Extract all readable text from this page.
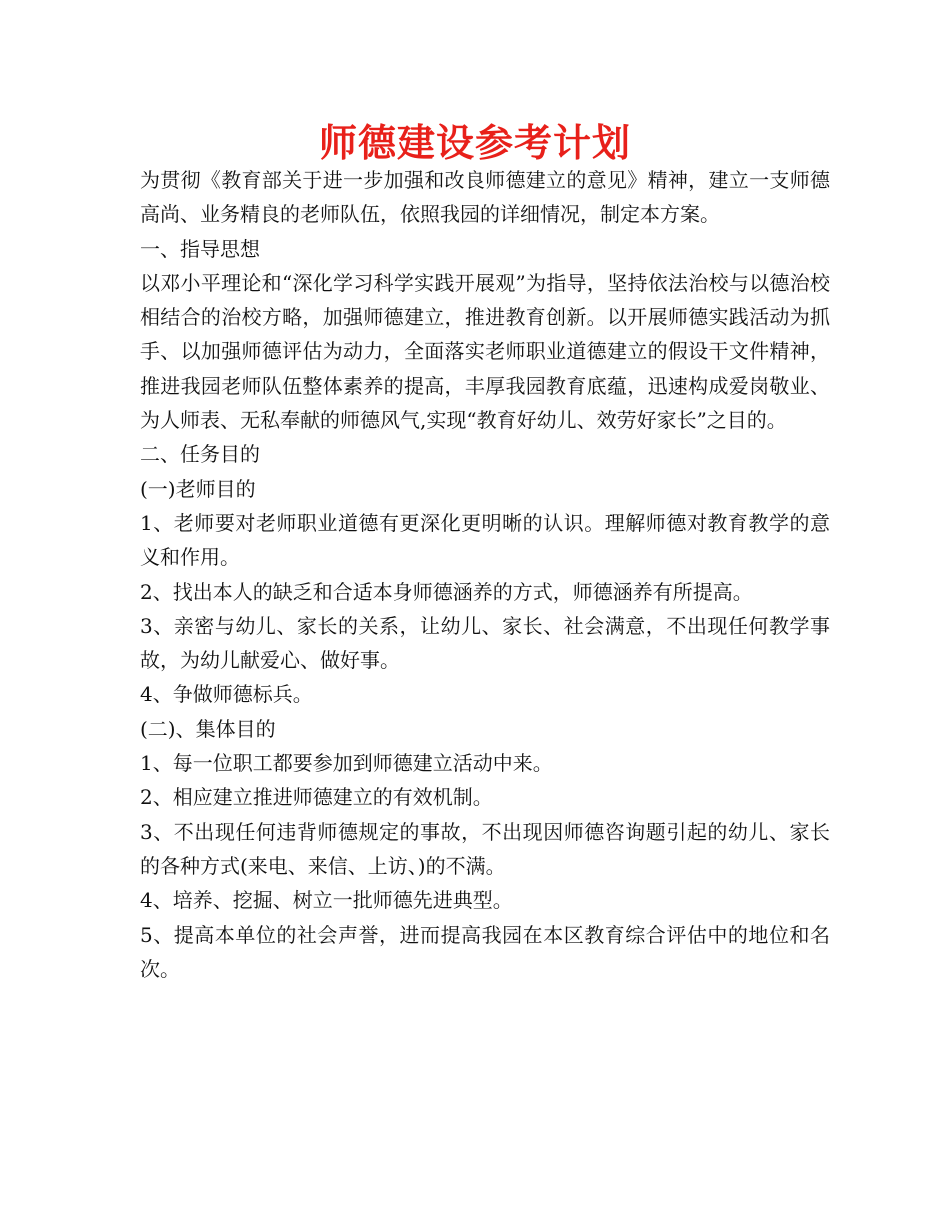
师德建设参考计划

为贯彻《教育部关于进一步加强和改良师德建立的意见》精神，建立一支师德高尚、业务精良的老师队伍，依照我园的详细情况，制定本方案。

一、指导思想

以邓小平理论和“深化学习科学实践开展观”为指导，坚持依法治校与以德治校相结合的治校方略，加强师德建立，推进教育创新。以开展师德实践活动为抓手、以加强师德评估为动力，全面落实老师职业道德建立的假设干文件精神，推进我园老师队伍整体素养的提高，丰厚我园教育底蕴，迅速构成爱岗敬业、为人师表、无私奉献的师德风气,实现“教育好幼儿、效劳好家长”之目的。

二、任务目的

(一)老师目的

1、老师要对老师职业道德有更深化更明晰的认识。理解师德对教育教学的意义和作用。

2、找出本人的缺乏和合适本身师德涵养的方式，师德涵养有所提高。

3、亲密与幼儿、家长的关系，让幼儿、家长、社会满意，不出现任何教学事故，为幼儿献爱心、做好事。

4、争做师德标兵。

(二)、集体目的

1、每一位职工都要参加到师德建立活动中来。

2、相应建立推进师德建立的有效机制。

3、不出现任何违背师德规定的事故，不出现因师德咨询题引起的幼儿、家长的各种方式(来电、来信、上访、)的不满。

4、培养、挖掘、树立一批师德先进典型。

5、提高本单位的社会声誉，进而提高我园在本区教育综合评估中的地位和名次。
